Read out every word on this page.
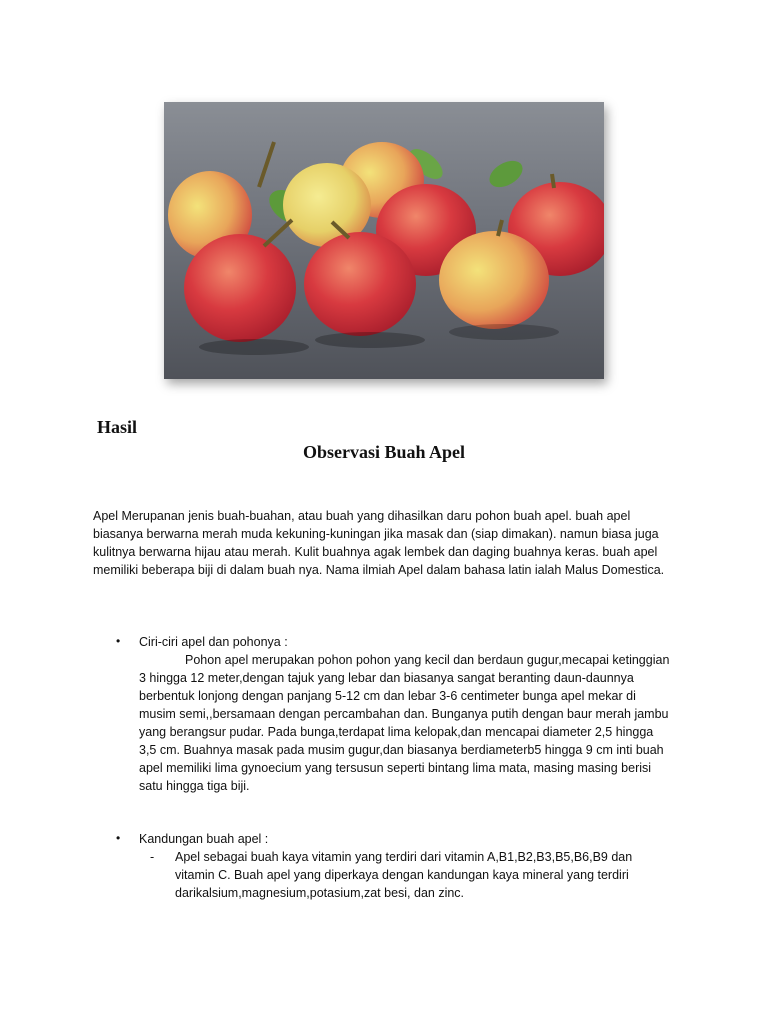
Hasil
Observasi Buah Apel
Apel Merupanan jenis buah-buahan, atau buah yang dihasilkan daru pohon buah apel. buah apel biasanya berwarna merah muda kekuning-kuningan jika masak dan (siap dimakan). namun biasa juga kulitnya berwarna hijau atau merah. Kulit buahnya agak lembek dan daging buahnya keras. buah apel memiliki beberapa biji di dalam buah nya. Nama ilmiah Apel dalam bahasa latin ialah Malus Domestica.
• Ciri-ciri apel dan pohonya :
Pohon apel merupakan pohon pohon yang kecil dan berdaun gugur,mecapai ketinggian 3 hingga 12 meter,dengan tajuk yang lebar dan biasanya sangat beranting daun-daunnya berbentuk lonjong dengan panjang 5-12 cm dan lebar 3-6 centimeter bunga apel mekar di musim semi,,bersamaan dengan percambahan dan. Bunganya putih dengan baur merah jambu yang berangsur pudar. Pada bunga,terdapat lima kelopak,dan mencapai diameter 2,5 hingga 3,5 cm. Buahnya masak pada musim gugur,dan biasanya berdiameterb5 hingga 9 cm inti buah apel memiliki lima gynoecium yang tersusun seperti bintang lima mata, masing masing berisi satu hingga tiga biji.
• Kandungan buah apel :
- Apel sebagai buah kaya vitamin yang terdiri dari vitamin A,B1,B2,B3,B5,B6,B9 dan vitamin C. Buah apel yang diperkaya dengan kandungan kaya mineral yang terdiri darikalsium,magnesium,potasium,zat besi, dan zinc.
